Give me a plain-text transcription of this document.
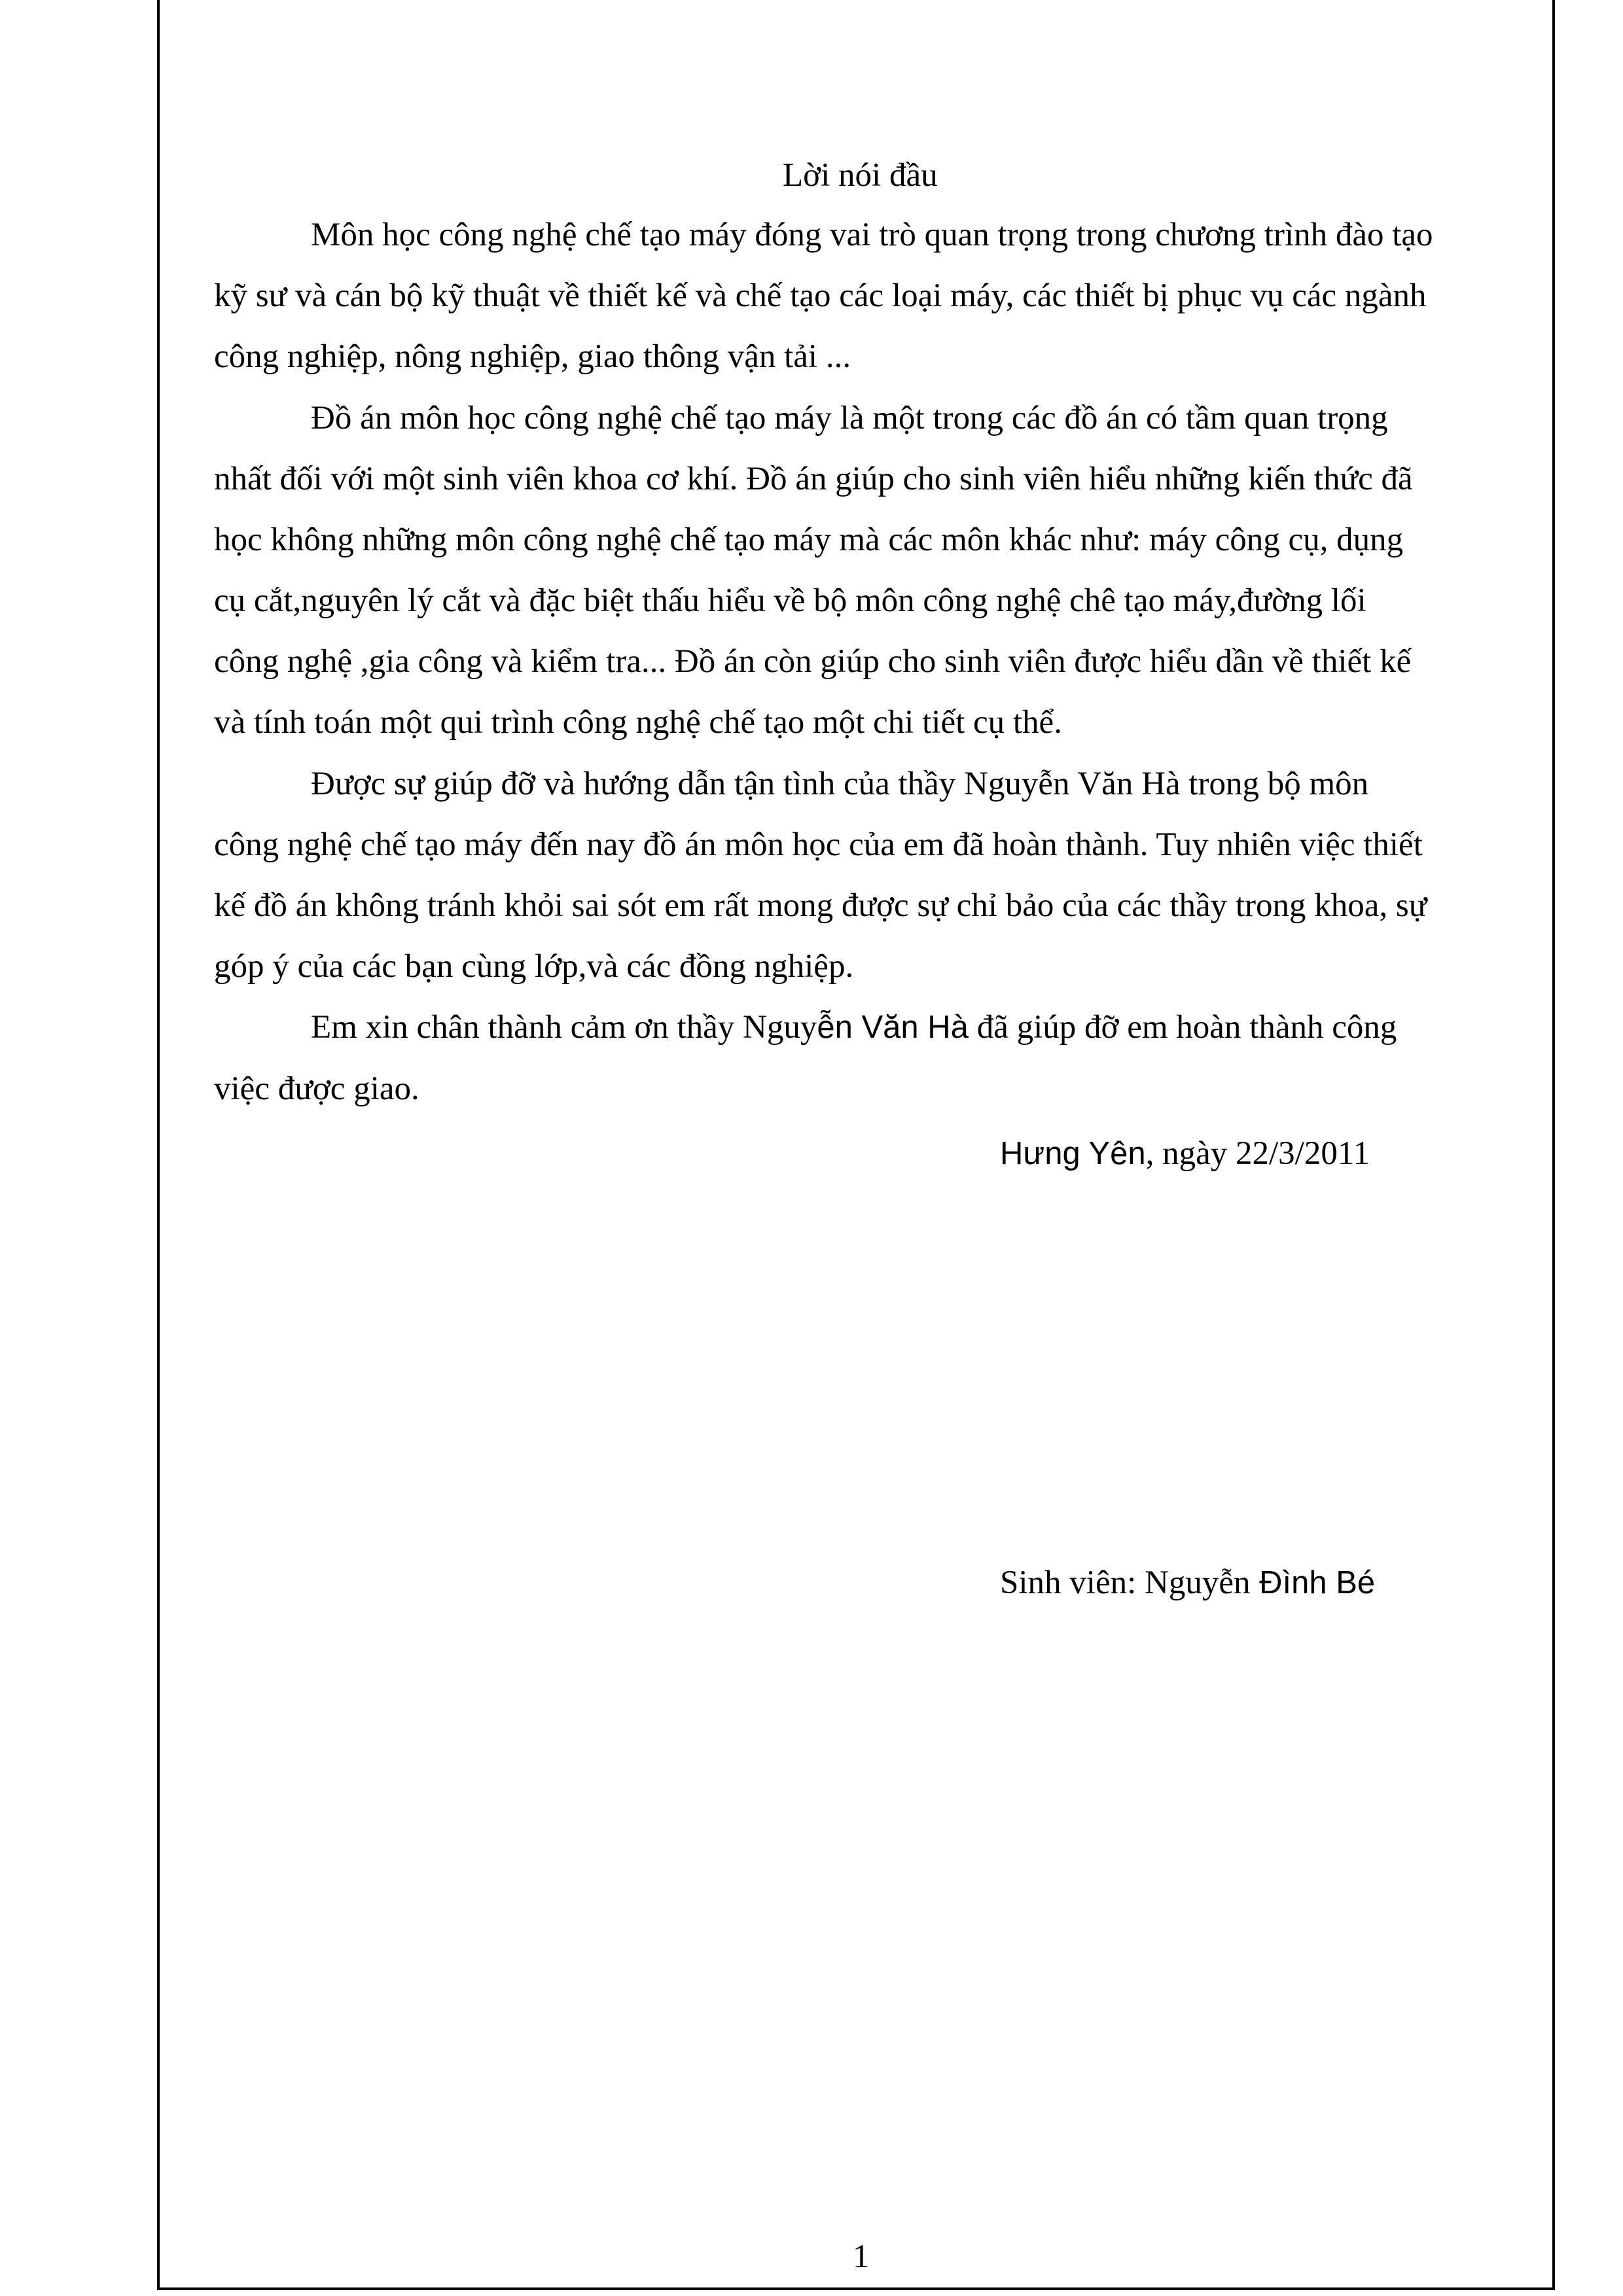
Lời nói đầu
Môn học công nghệ chế tạo máy đóng vai trò quan trọng trong chương trình đào tạo
kỹ sư và cán bộ kỹ thuật về thiết kế và chế tạo các loại máy, các thiết bị phục vụ các ngành
công nghiệp, nông nghiệp, giao thông vận tải ...
Đồ án môn học công nghệ chế tạo máy là một trong các đồ án có tầm quan trọng
nhất đối với một sinh viên khoa cơ khí. Đồ án giúp cho sinh viên hiểu những kiến thức đã
học không những môn công nghệ chế tạo máy mà các môn khác như: máy công cụ, dụng
cụ cắt,nguyên lý cắt và đặc biệt thấu hiểu về bộ môn công nghệ chê tạo máy,đường lối
công nghệ ,gia công và kiểm tra... Đồ án còn giúp cho sinh viên được hiểu dần về thiết kế
và tính toán một qui trình công nghệ chế tạo một chi tiết cụ thể.
Được sự giúp đỡ và hướng dẫn tận tình của thầy Nguyễn Văn Hà trong bộ môn
công nghệ chế tạo máy đến nay đồ án môn học của em đã hoàn thành. Tuy nhiên việc thiết
kế đồ án không tránh khỏi sai sót em rất mong được sự chỉ bảo của các thầy trong khoa, sự
góp ý của các bạn cùng lớp,và các đồng nghiệp.
Em xin chân thành cảm ơn thầy Nguyễn Văn Hà đã giúp đỡ em hoàn thành công
việc được giao.
Hưng Yên, ngày 22/3/2011
Sinh viên: Nguyễn Đình Bé
1
